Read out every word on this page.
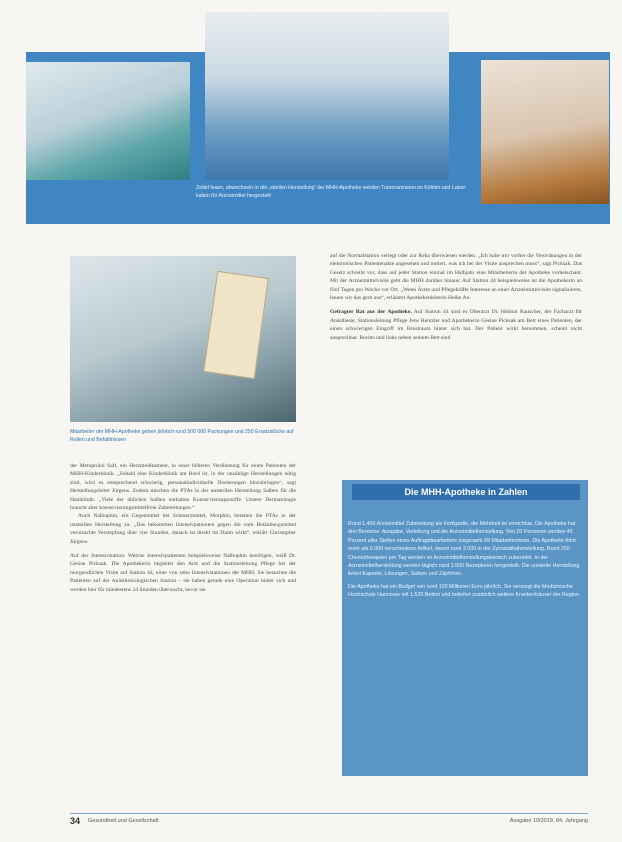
Zettel lesen, abwechseln in der ‚sterilen Herstellung' der MHH-Apotheke werden Tumorarzneien im Kühlen und Labor-kalten für Arzneimittel hergestellt
Mitarbeiter der MHH-Apotheke geben jährlich rund 500 000 Packungen und 250 Ersatzstücke auf Rollen und Behältnissen

der Metoprolol Saft, ein Herzmedikament, in einer höheren Verdünnung für einen Patienten der MHH-Kinderklinik. „Sobald eine Kinderklinik am Bord ist, in der unzählige Herstellungen nötig sind, wird es entsprechend schwierig, personalindividuelle Dosierungen hinzubringen“, sagt Herstellungsleiter Jürgens. Zudem mischen die PTAs in der unsterilen Herstellung Salben für die Hautklinik. „Viele der üblichen Salben enthalten Konservierungsstoffe. Unsere Dermatologie braucht aber konservierungsmittelfreie Zubereitungen.“

Auch Nalbuphin, ein Gegenmittel bei Schmerzmittel, Morphin, bereiten die PTAs in der unsterilen Herstellung zu. „Das bekommen Intensivpatienten gegen die vom Betäubungsmittel verursachte Verstopfung über vier Stunden, danach ist direkt im Darm wirkt“, erklärt Christopher Jürgens.

Auf der Intensivstation. Welche Intensivpatienten beispielsweise Nalbuphin benötigen, weiß Dr. Gesine Picksak. Die Apothekerin begleitet den Arzt und die Stationsleitung Pflege bei der morgendlichen Visite auf Station 44, einer von zehn Intensivstationen der MHH. Sie besuchen die Patienten auf der Anästhesiologischen Station – sie haben gerade eine Operation hinter sich und werden hier für mindestens 24 Stunden überwacht, bevor sie

auf die Normalstation verlegt oder zur Reha überwiesen werden. „Ich habe mir vorher die Verordnungen in der elektronischen Patientenakte angesehen und notiert, was ich bei der Visite ansprechen muss“, sagt Picksak. Das Gesetz schreibt vor, dass auf jeder Station einmal im Halbjahr eine Mitarbeiterin der Apotheke vorbeischaut. Mit der Arzneimittelvisite geht die MHH darüber hinaus: Auf Station 44 beispielsweise ist die Apothekerin an fünf Tagen pro Woche vor Ort. „Wenn Ärzte und Pflegekräfte Interesse an einer Arzneimittelvisite signalisieren, bauen wir das gern aus“, erläutert Apothekenleiterin Heike Au.

Gefragter Rat aus der Apotheke. Auf Station 44 sind es Oberarzt Dr. Helmut Rauscher, der Facharzt für Anästhesie, Stationsleitung Pflege Jens Hentzler und Apothekerin Gesine Picksak am Bett eines Patienten, der einen schwierigen Eingriff im Brustraum hinter sich hat. Der Patient wirkt benommen, scheint nicht ansprechbar. Rechts und links neben seinem Bett sind

Die MHH-Apotheke in Zahlen

Rund 1.400 Arzneimittel Zubereitung als Fertigzelle, die Mehrheit ist erreichbar. Die Apotheke hat drei Bereiche: Ausgabe, Verteilung und die Arzneimittelherstellung. Von 20 Personen werden 45 Prozent aller Stellen eines Auftragsbearbeiters insgesamt 99 Mitarbeiterinnen. Die Apotheke führt mehr als 6.000 verschiedene Artikel, davon rund 3.000 in der Zytostatikaherstellung. Rund 250 Chemotherapien pro Tag werden im Arzneimittelherstellungsbereich zubereitet. In der Arzneimittelherstellung werden täglich rund 1.500 Rezepturen hergestellt. Die unsterile Herstellung liefert Kapseln, Lösungen, Salben und Zäpfchen.

Die Apotheke hat ein Budget von rund 100 Millionen Euro jährlich. Sie versorgt die Medizinische Hochschule Hannover mit 1.520 Betten und beliefert zusätzlich weitere Krankenhäuser der Region.

34 Gesundheit und Gesellschaft	Ausgabe 10/2019, 84. Jahrgang
